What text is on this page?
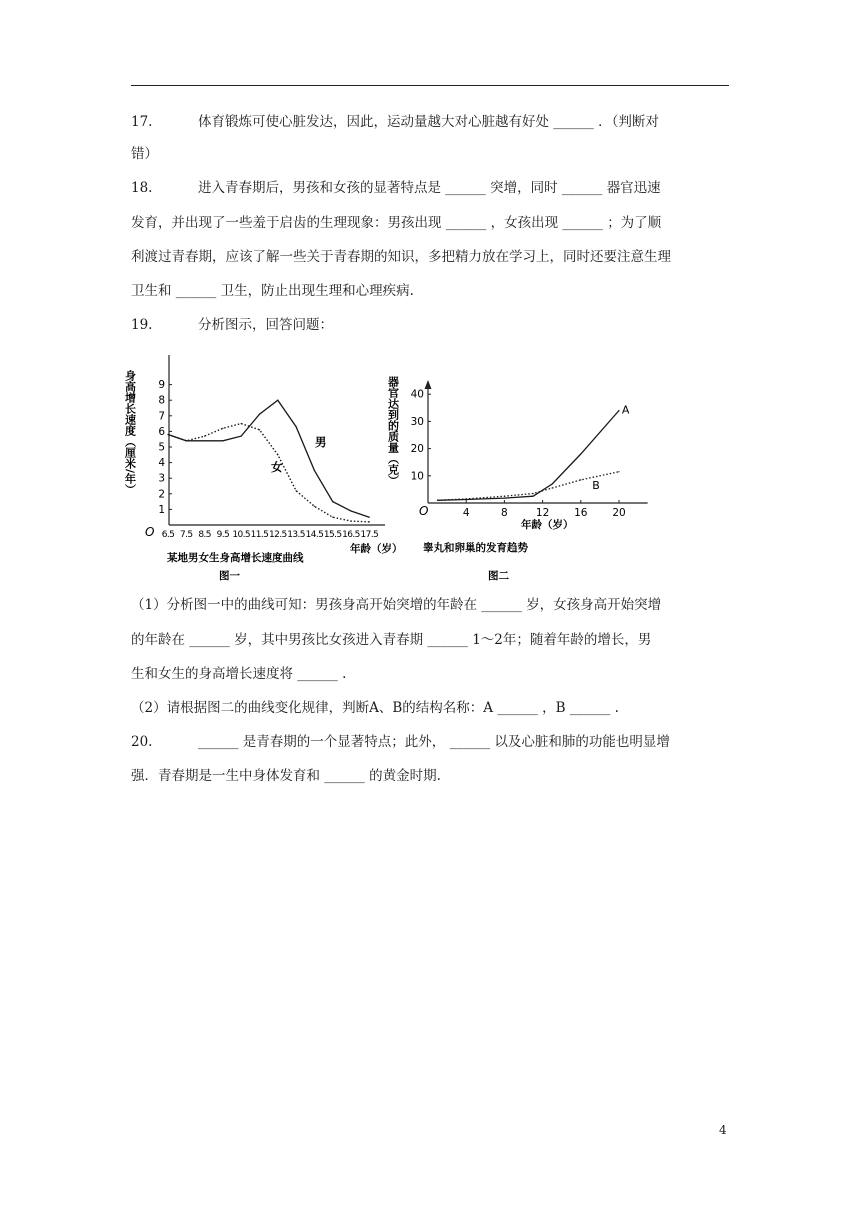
17.	体育锻炼可使心脏发达，因此，运动量越大对心脏越有好处 ______ ．（判断对
错）
18.	进入青春期后，男孩和女孩的显著特点是 ______ 突增，同时 ______ 器官迅速
发育，并出现了一些羞于启齿的生理现象：男孩出现 ______ ，女孩出现 ______ ；为了顺
利渡过青春期，应该了解一些关于青春期的知识，多把精力放在学习上，同时还要注意生理
卫生和 ______ 卫生，防止出现生理和心理疾病.
19.	分析图示，回答问题：
1
2
3
4
5
6
7
8
9
6.5 7.5 8.5 9.5 10.5 11.5 12.5 13.5 14.5 15.5 16.5 17.5
男
女
身高增长速度（厘米/年）
O
年龄（岁）
某地男女生身高增长速度曲线
图一
10
20
30
40
4	8	12 16 20
A
B
器官达到的质量（克）
O
年龄（岁）
睾丸和卵巢的发育趋势
图二
（1）分析图一中的曲线可知：男孩身高开始突增的年龄在 ______ 岁，女孩身高开始突增
的年龄在 ______ 岁，其中男孩比女孩进入青春期 ______ 1～2年；随着年龄的增长，男
生和女生的身高增长速度将 ______ .
（2）请根据图二的曲线变化规律，判断A、B的结构名称：A ______ ，B ______ .
20.	______ 是青春期的一个显著特点；此外， ______ 以及心脏和肺的功能也明显增
强．青春期是一生中身体发育和 ______ 的黄金时期.
4
